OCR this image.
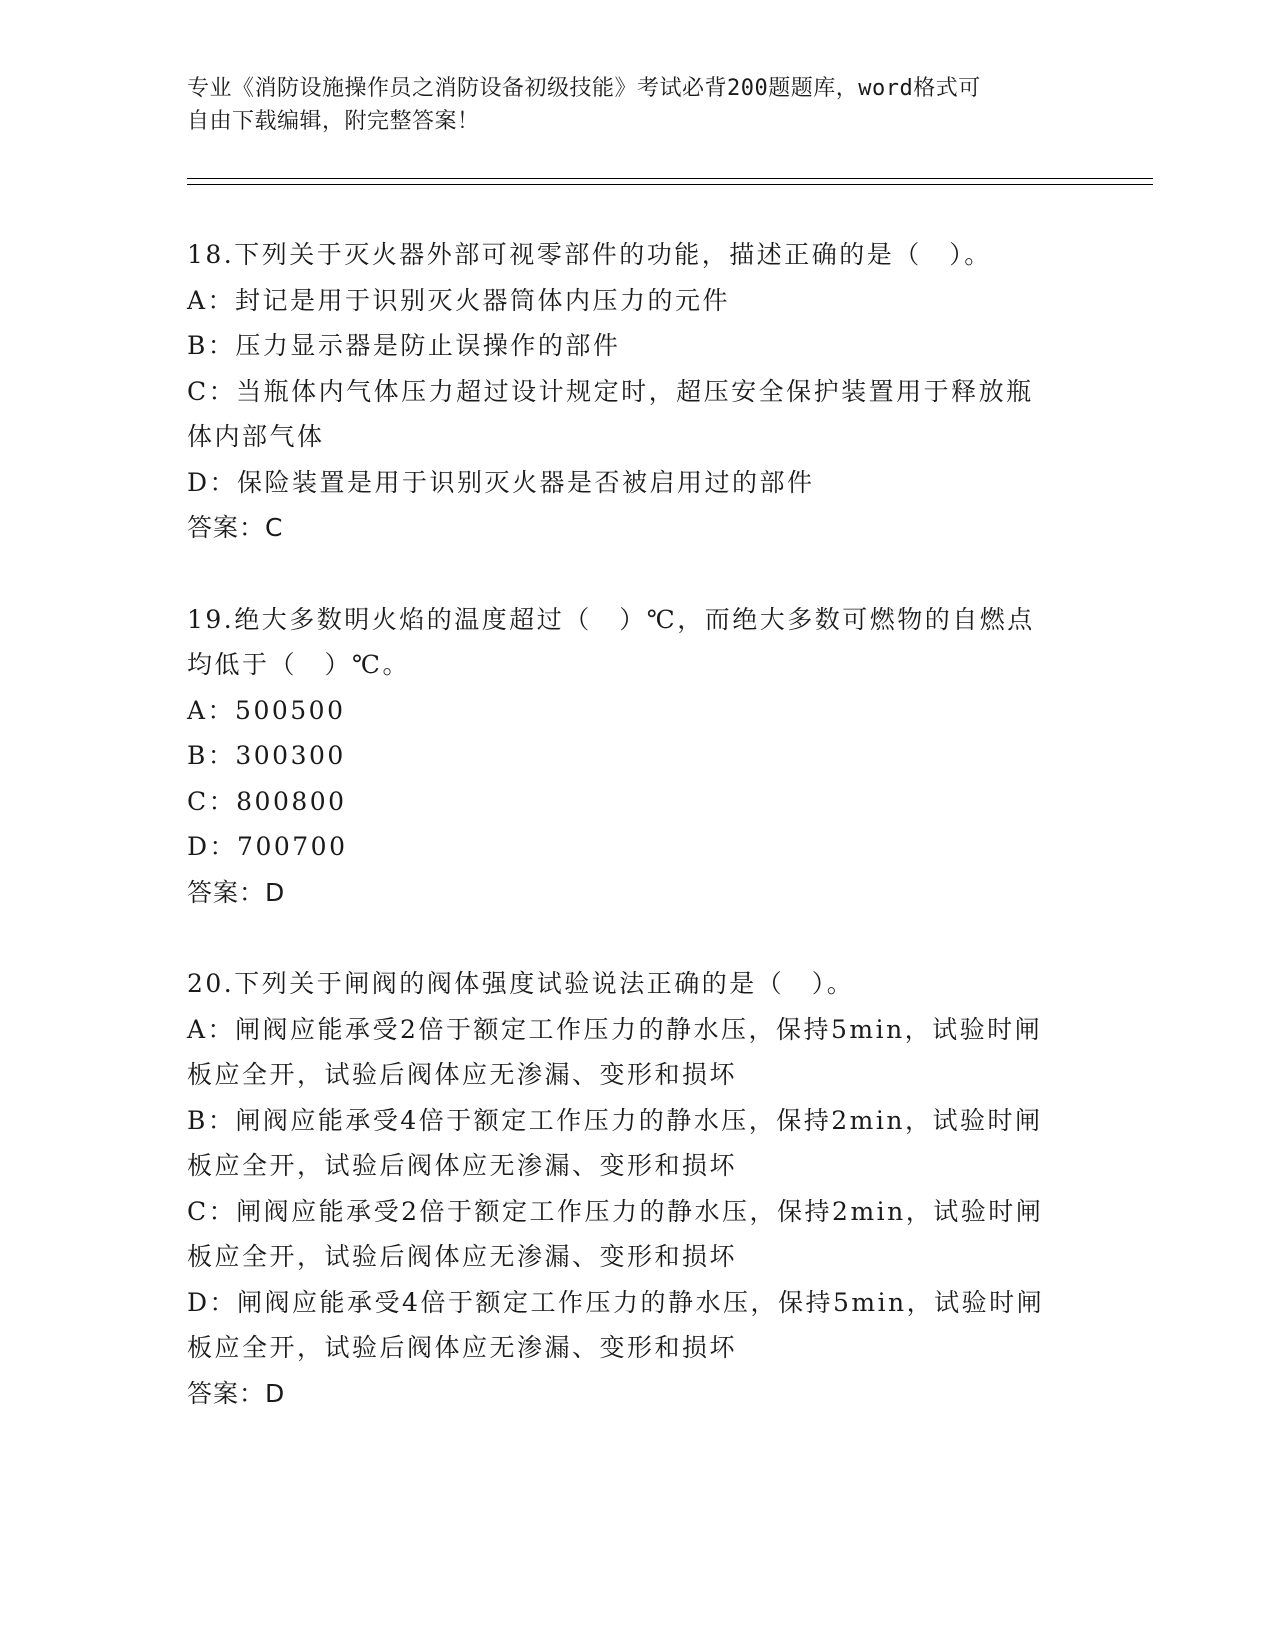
专业《消防设施操作员之消防设备初级技能》考试必背200题题库，word格式可
自由下载编辑，附完整答案！
18.下列关于灭火器外部可视零部件的功能，描述正确的是（　）。
A：封记是用于识别灭火器筒体内压力的元件
B：压力显示器是防止误操作的部件
C：当瓶体内气体压力超过设计规定时，超压安全保护装置用于释放瓶
体内部气体
D：保险装置是用于识别灭火器是否被启用过的部件
答案：C
19.绝大多数明火焰的温度超过（　）℃，而绝大多数可燃物的自燃点
均低于（　）℃。
A：500500
B：300300
C：800800
D：700700
答案：D
20.下列关于闸阀的阀体强度试验说法正确的是（　）。
A：闸阀应能承受2倍于额定工作压力的静水压，保持5min，试验时闸
板应全开，试验后阀体应无渗漏、变形和损坏
B：闸阀应能承受4倍于额定工作压力的静水压，保持2min，试验时闸
板应全开，试验后阀体应无渗漏、变形和损坏
C：闸阀应能承受2倍于额定工作压力的静水压，保持2min，试验时闸
板应全开，试验后阀体应无渗漏、变形和损坏
D：闸阀应能承受4倍于额定工作压力的静水压，保持5min，试验时闸
板应全开，试验后阀体应无渗漏、变形和损坏
答案：D
